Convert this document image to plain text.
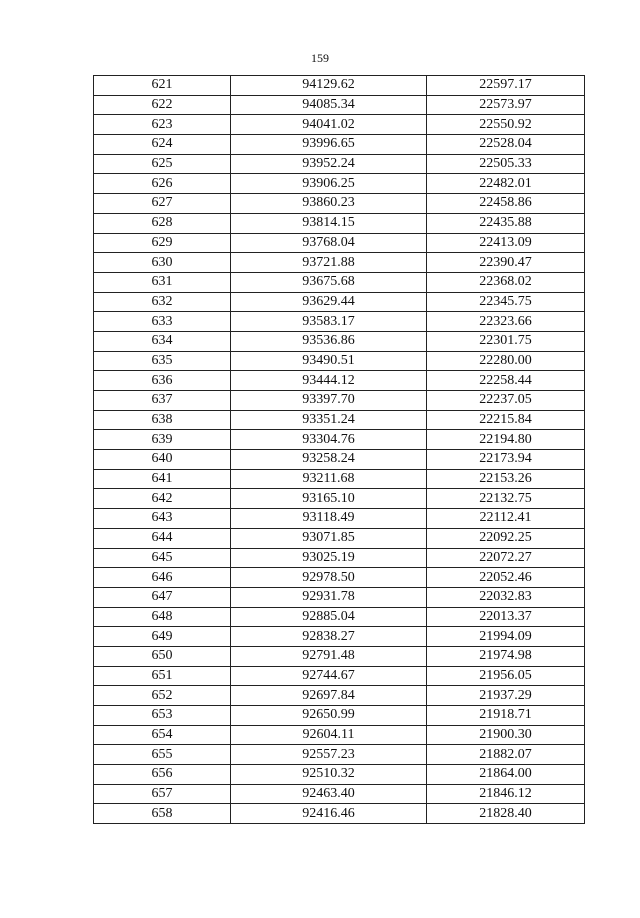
159
621	94129.62	22597.17
622	94085.34	22573.97
623	94041.02	22550.92
624	93996.65	22528.04
625	93952.24	22505.33
626	93906.25	22482.01
627	93860.23	22458.86
628	93814.15	22435.88
629	93768.04	22413.09
630	93721.88	22390.47
631	93675.68	22368.02
632	93629.44	22345.75
633	93583.17	22323.66
634	93536.86	22301.75
635	93490.51	22280.00
636	93444.12	22258.44
637	93397.70	22237.05
638	93351.24	22215.84
639	93304.76	22194.80
640	93258.24	22173.94
641	93211.68	22153.26
642	93165.10	22132.75
643	93118.49	22112.41
644	93071.85	22092.25
645	93025.19	22072.27
646	92978.50	22052.46
647	92931.78	22032.83
648	92885.04	22013.37
649	92838.27	21994.09
650	92791.48	21974.98
651	92744.67	21956.05
652	92697.84	21937.29
653	92650.99	21918.71
654	92604.11	21900.30
655	92557.23	21882.07
656	92510.32	21864.00
657	92463.40	21846.12
658	92416.46	21828.40
